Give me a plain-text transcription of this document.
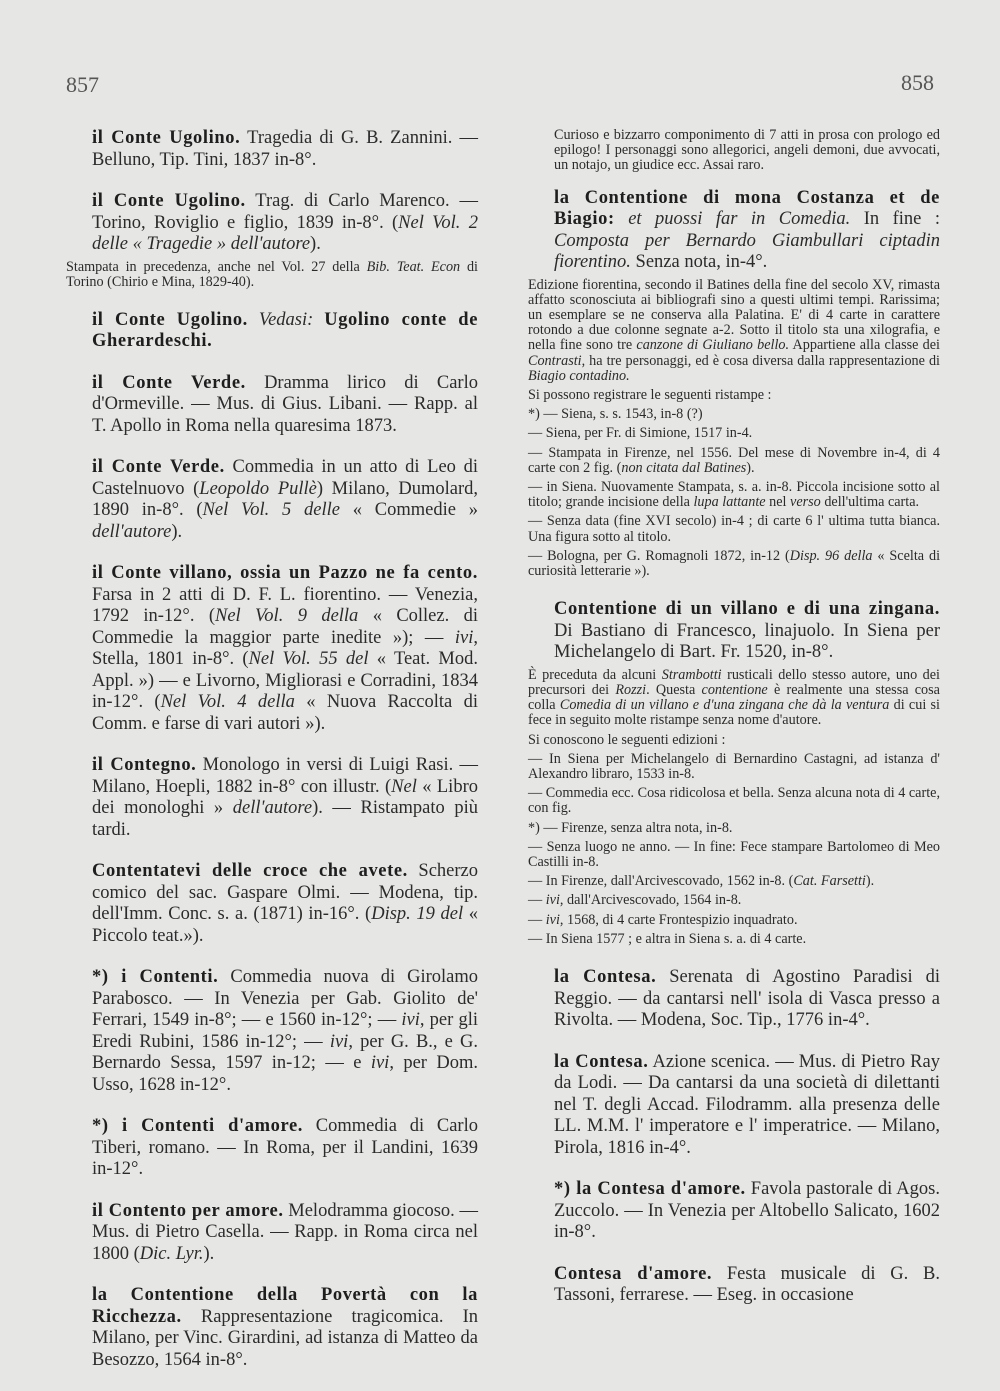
857	858
il Conte Ugolino. Tragedia di G. B. Zannini. — Belluno, Tip. Tini, 1837 in-8°.
il Conte Ugolino. Trag. di Carlo Marenco. — Torino, Roviglio e figlio, 1839 in-8°. (Nel Vol. 2 delle « Tragedie » dell'autore).
Stampata in precedenza, anche nel Vol. 27 della Bib. Teat. Econ di Torino (Chirio e Mina, 1829-40).
il Conte Ugolino. Vedasi: Ugolino conte de Gherardeschi.
il Conte Verde. Dramma lirico di Carlo d'Ormeville. — Mus. di Gius. Libani. — Rapp. al T. Apollo in Roma nella quaresima 1873.
il Conte Verde. Commedia in un atto di Leo di Castelnuovo (Leopoldo Pullè) Milano, Dumolard, 1890 in-8°. (Nel Vol. 5 delle « Commedie » dell'autore).
il Conte villano, ossia un Pazzo ne fa cento. Farsa in 2 atti di D. F. L. fiorentino. — Venezia, 1792 in-12°. (Nel Vol. 9 della « Collez. di Commedie la maggior parte inedite »); — ivi, Stella, 1801 in-8°. (Nel Vol. 55 del « Teat. Mod. Appl. ») — e Livorno, Migliorasi e Corradini, 1834 in-12°. (Nel Vol. 4 della « Nuova Raccolta di Comm. e farse di vari autori »).
il Contegno. Monologo in versi di Luigi Rasi. — Milano, Hoepli, 1882 in-8° con illustr. (Nel « Libro dei monologhi » dell'autore). — Ristampato più tardi.
Contentatevi delle croce che avete. Scherzo comico del sac. Gaspare Olmi. — Modena, tip. dell'Imm. Conc. s. a. (1871) in-16°. (Disp. 19 del « Piccolo teat.»).
*) i Contenti. Commedia nuova di Girolamo Parabosco. — In Venezia per Gab. Giolito de' Ferrari, 1549 in-8°; — e 1560 in-12°; — ivi, per gli Eredi Rubini, 1586 in-12°; — ivi, per G. B., e G. Bernardo Sessa, 1597 in-12; — e ivi, per Dom. Usso, 1628 in-12°.
*) i Contenti d'amore. Commedia di Carlo Tiberi, romano. — In Roma, per il Landini, 1639 in-12°.
il Contento per amore. Melodramma giocoso. — Mus. di Pietro Casella. — Rapp. in Roma circa nel 1800 (Dic. Lyr.).
la Contentione della Povertà con la Ricchezza. Rappresentazione tragicomica. In Milano, per Vinc. Girardini, ad istanza di Matteo da Besozzo, 1564 in-8°.
Curioso e bizzarro componimento di 7 atti in prosa con prologo ed epilogo! I personaggi sono allegorici, angeli demoni, due avvocati, un notajo, un giudice ecc. Assai raro.
la Contentione di mona Costanza et de Biagio: et puossi far in Comedia. In fine : Composta per Bernardo Giambullari ciptadin fiorentino. Senza nota, in-4°.
Edizione fiorentina, secondo il Batines della fine del secolo XV, rimasta affatto sconosciuta ai bibliografi sino a questi ultimi tempi. Rarissima; un esemplare se ne conserva alla Palatina. E' di 4 carte in carattere rotondo a due colonne segnate a-2. Sotto il titolo sta una xilografia, e nella fine sono tre canzone di Giuliano bello. Appartiene alla classe dei Contrasti, ha tre personaggi, ed è cosa diversa dalla rappresentazione di Biagio contadino.
Si possono registrare le seguenti ristampe :
*) — Siena, s. s. 1543, in-8 (?)
— Siena, per Fr. di Simione, 1517 in-4.
— Stampata in Firenze, nel 1556. Del mese di Novembre in-4, di 4 carte con 2 fig. (non citata dal Batines).
— in Siena. Nuovamente Stampata, s. a. in-8. Piccola incisione sotto al titolo; grande incisione della lupa lattante nel verso dell'ultima carta.
— Senza data (fine XVI secolo) in-4 ; di carte 6 l' ultima tutta bianca. Una figura sotto al titolo.
— Bologna, per G. Romagnoli 1872, in-12 (Disp. 96 della « Scelta di curiosità letterarie »).
Contentione di un villano e di una zingana. Di Bastiano di Francesco, linajuolo. In Siena per Michelangelo di Bart. Fr. 1520, in-8°.
È preceduta da alcuni Strambotti rusticali dello stesso autore, uno dei precursori dei Rozzi. Questa contentione è realmente una stessa cosa colla Comedia di un villano e d'una zingana che dà la ventura di cui si fece in seguito molte ristampe senza nome d'autore.
Si conoscono le seguenti edizioni :
— In Siena per Michelangelo di Bernardino Castagni, ad istanza d' Alexandro libraro, 1533 in-8.
— Commedia ecc. Cosa ridicolosa et bella. Senza alcuna nota di 4 carte, con fig.
*) — Firenze, senza altra nota, in-8.
— Senza luogo ne anno. — In fine: Fece stampare Bartolomeo di Meo Castilli in-8.
— In Firenze, dall'Arcivescovado, 1562 in-8. (Cat. Farsetti).
— ivi, dall'Arcivescovado, 1564 in-8.
— ivi, 1568, di 4 carte Frontespizio inquadrato.
— In Siena 1577 ; e altra in Siena s. a. di 4 carte.
la Contesa. Serenata di Agostino Paradisi di Reggio. — da cantarsi nell' isola di Vasca presso a Rivolta. — Modena, Soc. Tip., 1776 in-4°.
la Contesa. Azione scenica. — Mus. di Pietro Ray da Lodi. — Da cantarsi da una società di dilettanti nel T. degli Accad. Filodramm. alla presenza delle LL. M.M. l' imperatore e l' imperatrice. — Milano, Pirola, 1816 in-4°.
*) la Contesa d'amore. Favola pastorale di Agos. Zuccolo. — In Venezia per Altobello Salicato, 1602 in-8°.
Contesa d'amore. Festa musicale di G. B. Tassoni, ferrarese. — Eseg. in occasione
